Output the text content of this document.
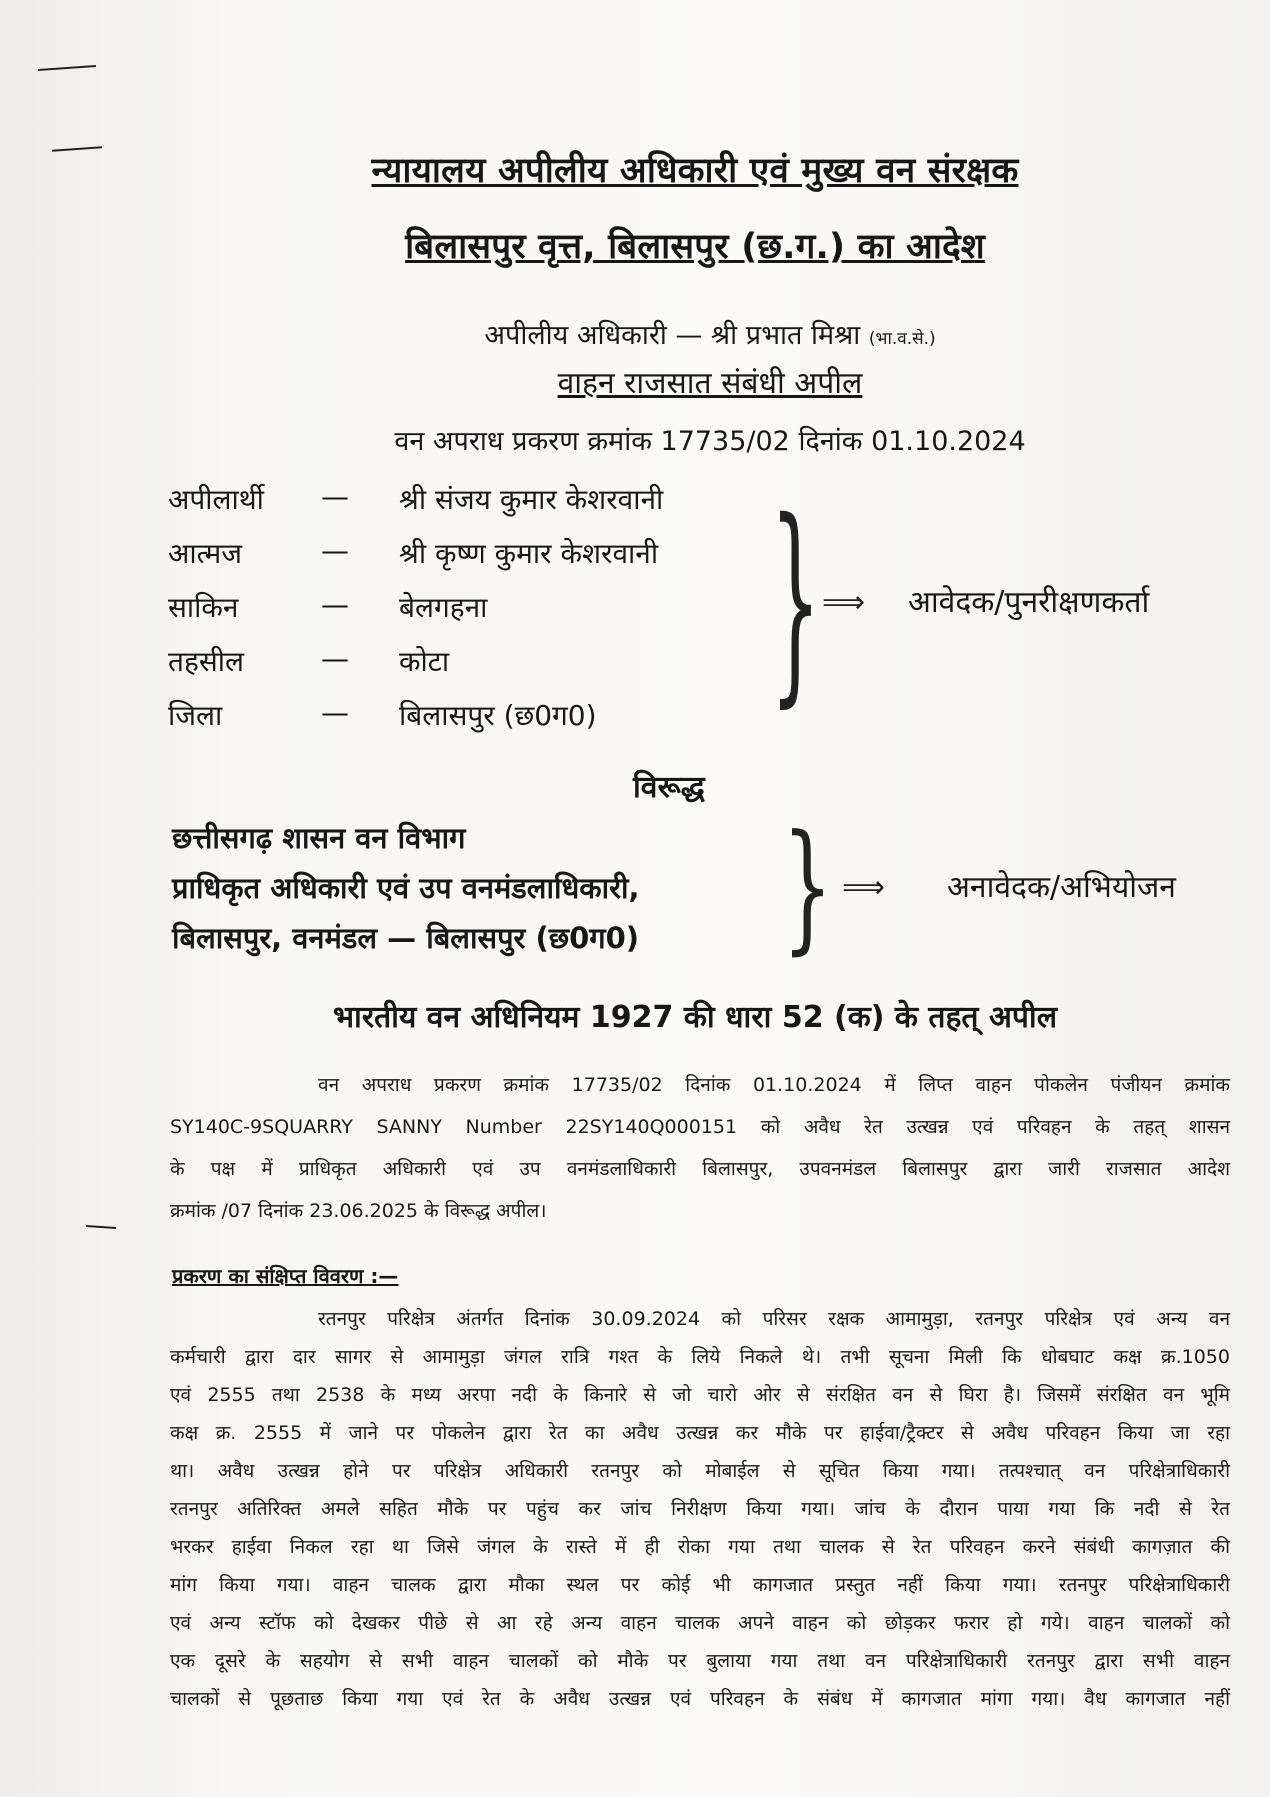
न्यायालय अपीलीय अधिकारी एवं मुख्य वन संरक्षक
बिलासपुर वृत्त, बिलासपुर (छ.ग.) का आदेश
अपीलीय अधिकारी — श्री प्रभात मिश्रा (भा.व.से.)
वाहन राजसात संबंधी अपील
वन अपराध प्रकरण क्रमांक 17735/02 दिनांक 01.10.2024
अपीलार्थी — श्री संजय कुमार केशरवानी
आत्मज	— श्री कृष्ण कुमार केशरवानी
साकिन	— बेलगहना
तहसील	— कोटा
जिला	— बिलासपुर (छ0ग0) } ⟹ आवेदक/पुनरीक्षणकर्ता
विरूद्ध
छत्तीसगढ़ शासन वन विभाग
प्राधिकृत अधिकारी एवं उप वनमंडलाधिकारी,
बिलासपुर, वनमंडल — बिलासपुर (छ0ग0)	} ⟹ अनावेदक/अभियोजन
भारतीय वन अधिनियम 1927 की धारा 52 (क) के तहत् अपील
वन अपराध प्रकरण क्रमांक 17735/02 दिनांक 01.10.2024 में लिप्त वाहन पोकलेन पंजीयन क्रमांक
SY140C-9SQUARRY SANNY Number 22SY140Q000151 को अवैध रेत उत्खन्न एवं परिवहन के तहत् शासन
के पक्ष में प्राधिकृत अधिकारी एवं उप वनमंडलाधिकारी बिलासपुर, उपवनमंडल बिलासपुर द्वारा जारी राजसात आदेश
क्रमांक /07 दिनांक 23.06.2025 के विरूद्ध अपील।
प्रकरण का संक्षिप्त विवरण :—
रतनपुर परिक्षेत्र अंतर्गत दिनांक 30.09.2024 को परिसर रक्षक आमामुड़ा, रतनपुर परिक्षेत्र एवं अन्य वन
कर्मचारी द्वारा दार सागर से आमामुड़ा जंगल रात्रि गश्त के लिये निकले थे। तभी सूचना मिली कि धोबघाट कक्ष क्र.1050
एवं 2555 तथा 2538 के मध्य अरपा नदी के किनारे से जो चारो ओर से संरक्षित वन से घिरा है। जिसमें संरक्षित वन भूमि
कक्ष क्र. 2555 में जाने पर पोकलेन द्वारा रेत का अवैध उत्खन्न कर मौके पर हाईवा/ट्रैक्टर से अवैध परिवहन किया जा रहा
था। अवैध उत्खन्न होने पर परिक्षेत्र अधिकारी रतनपुर को मोबाईल से सूचित किया गया। तत्पश्चात् वन परिक्षेत्राधिकारी
रतनपुर अतिरिक्त अमले सहित मौके पर पहुंच कर जांच निरीक्षण किया गया। जांच के दौरान पाया गया कि नदी से रेत
भरकर हाईवा निकल रहा था जिसे जंगल के रास्ते में ही रोका गया तथा चालक से रेत परिवहन करने संबंधी कागज़ात की
मांग किया गया। वाहन चालक द्वारा मौका स्थल पर कोई भी कागजात प्रस्तुत नहीं किया गया। रतनपुर परिक्षेत्राधिकारी
एवं अन्य स्टॉफ को देखकर पीछे से आ रहे अन्य वाहन चालक अपने वाहन को छोड़कर फरार हो गये। वाहन चालकों को
एक दूसरे के सहयोग से सभी वाहन चालकों को मौके पर बुलाया गया तथा वन परिक्षेत्राधिकारी रतनपुर द्वारा सभी वाहन
चालकों से पूछताछ किया गया एवं रेत के अवैध उत्खन्न एवं परिवहन के संबंध में कागजात मांगा गया। वैध कागजात नहीं
